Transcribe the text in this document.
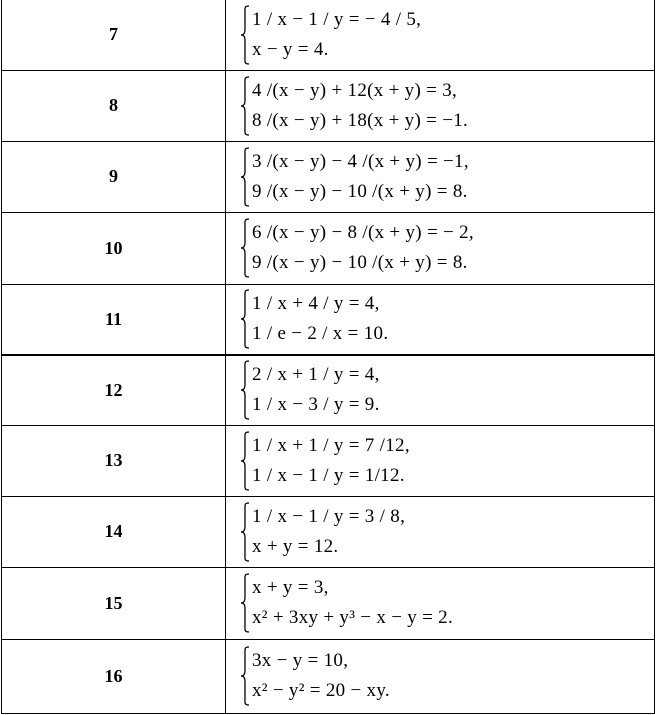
7	1 / x − 1 / y = − 4 / 5,
x − y = 4.

8	4 /(x − y) + 12(x + y) = 3,
8 /(x − y) + 18(x + y) = −1.

9	3 /(x − y) − 4 /(x + y) = −1,
9 /(x − y) − 10 /(x + y) = 8.

10	6 /(x − y) − 8 /(x + y) = − 2,
9 /(x − y) − 10 /(x + y) = 8.

11	1 / x + 4 / y = 4,
1 / e − 2 / x = 10.

12	2 / x + 1 / y = 4,
1 / x − 3 / y = 9.

13	1 / x + 1 / y = 7 /12,
1 / x − 1 / y = 1/12.

14	1 / x − 1 / y = 3 / 8,
x + y = 12.

15	x + y = 3,
x² + 3xy + y³ − x − y = 2.

16	3x − y = 10,
x² − y² = 20 − xy.
